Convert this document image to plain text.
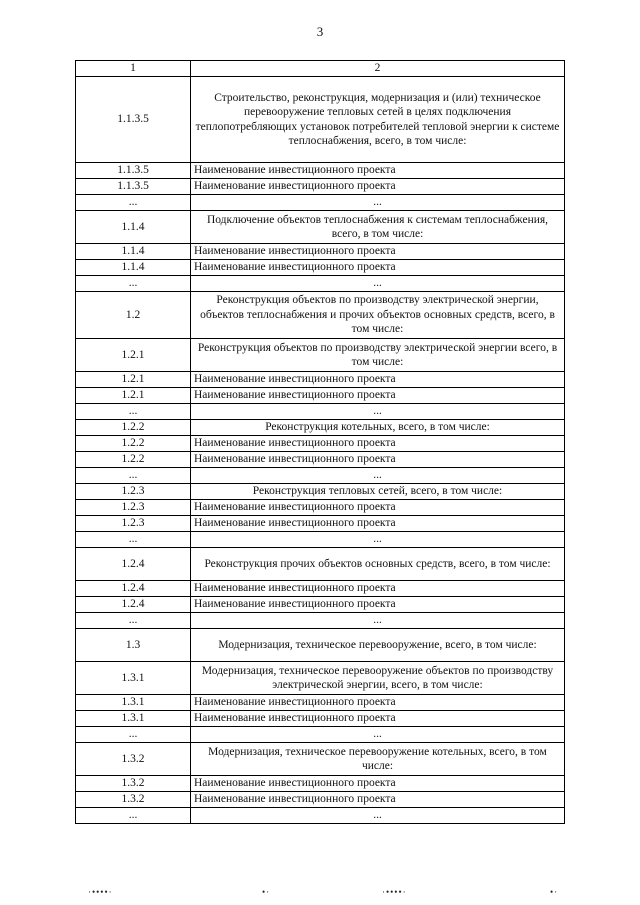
3
1	2
1.1.3.5	Строительство, реконструкция, модернизация и (или) техническое перевооружение тепловых сетей в целях подключения теплопотребляющих установок потребителей тепловой энергии к системе теплоснабжения, всего, в том числе:
1.1.3.5	Наименование инвестиционного проекта
1.1.3.5	Наименование инвестиционного проекта
...	...
1.1.4	Подключение объектов теплоснабжения к системам теплоснабжения, всего, в том числе:
1.1.4	Наименование инвестиционного проекта
1.1.4	Наименование инвестиционного проекта
...	...
1.2	Реконструкция объектов по производству электрической энергии, объектов теплоснабжения и прочих объектов основных средств, всего, в том числе:
1.2.1	Реконструкция объектов по производству электрической энергии всего, в том числе:
1.2.1	Наименование инвестиционного проекта
1.2.1	Наименование инвестиционного проекта
...	...
1.2.2	Реконструкция котельных, всего, в том числе:
1.2.2	Наименование инвестиционного проекта
1.2.2	Наименование инвестиционного проекта
...	...
1.2.3	Реконструкция тепловых сетей, всего, в том числе:
1.2.3	Наименование инвестиционного проекта
1.2.3	Наименование инвестиционного проекта
...	...
1.2.4	Реконструкция прочих объектов основных средств, всего, в том числе:
1.2.4	Наименование инвестиционного проекта
1.2.4	Наименование инвестиционного проекта
...	...
1.3	Модернизация, техническое перевооружение, всего, в том числе:
1.3.1	Модернизация, техническое перевооружение объектов по производству электрической энергии, всего, в том числе:
1.3.1	Наименование инвестиционного проекта
1.3.1	Наименование инвестиционного проекта
...	...
1.3.2	Модернизация, техническое перевооружение котельных, всего, в том числе:
1.3.2	Наименование инвестиционного проекта
1.3.2	Наименование инвестиционного проекта
...	...
·••••·	•·	·••••·	•·
